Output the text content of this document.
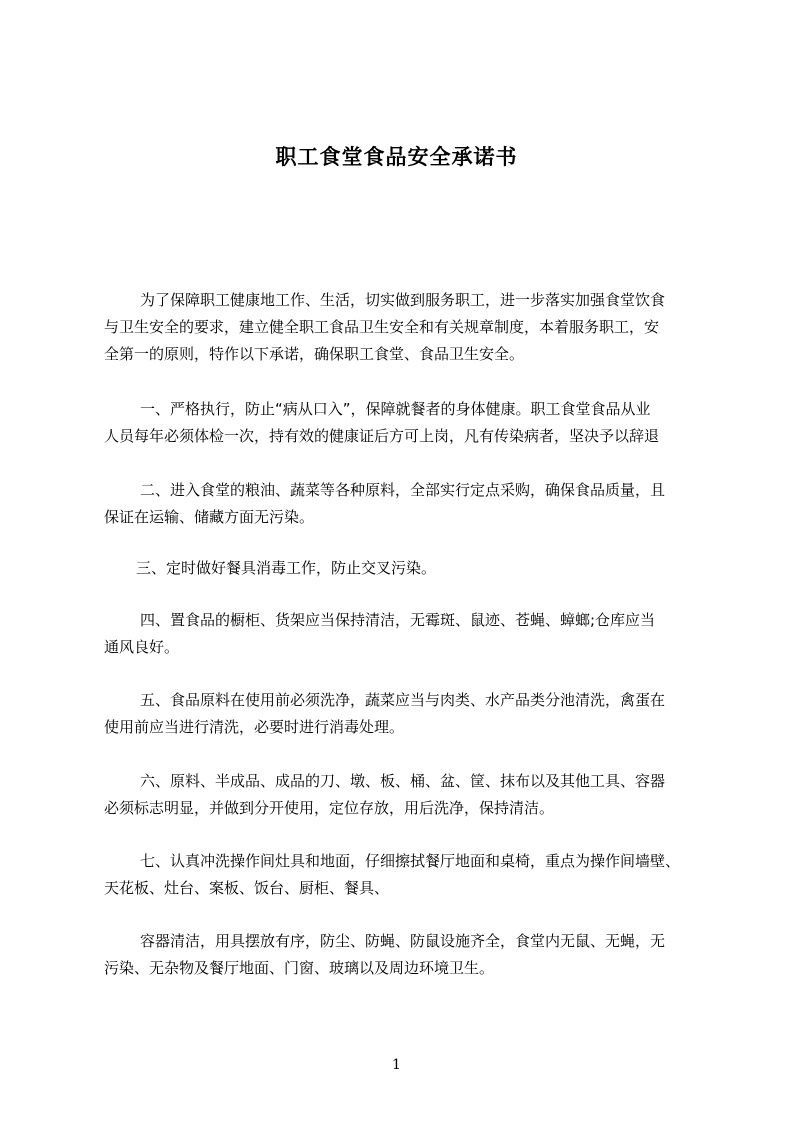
职工食堂食品安全承诺书
为了保障职工健康地工作、生活，切实做到服务职工，进一步落实加强食堂饮食
与卫生安全的要求，建立健全职工食品卫生安全和有关规章制度，本着服务职工，安
全第一的原则，特作以下承诺，确保职工食堂、食品卫生安全。
一、严格执行，防止“病从口入”，保障就餐者的身体健康。职工食堂食品从业
人员每年必须体检一次，持有效的健康证后方可上岗，凡有传染病者，坚决予以辞退
二、进入食堂的粮油、蔬菜等各种原料，全部实行定点采购，确保食品质量，且
保证在运输、储藏方面无污染。
三、定时做好餐具消毒工作，防止交叉污染。
四、置食品的橱柜、货架应当保持清洁，无霉斑、鼠迹、苍蝇、蟑螂;仓库应当
通风良好。
五、食品原料在使用前必须洗净，蔬菜应当与肉类、水产品类分池清洗，禽蛋在
使用前应当进行清洗，必要时进行消毒处理。
六、原料、半成品、成品的刀、墩、板、桶、盆、筐、抹布以及其他工具、容器
必须标志明显，并做到分开使用，定位存放，用后洗净，保持清洁。
七、认真冲洗操作间灶具和地面，仔细擦拭餐厅地面和桌椅，重点为操作间墙壁、
天花板、灶台、案板、饭台、厨柜、餐具、
容器清洁，用具摆放有序，防尘、防蝇、防鼠设施齐全，食堂内无鼠、无蝇，无
污染、无杂物及餐厅地面、门窗、玻璃以及周边环境卫生。
1
